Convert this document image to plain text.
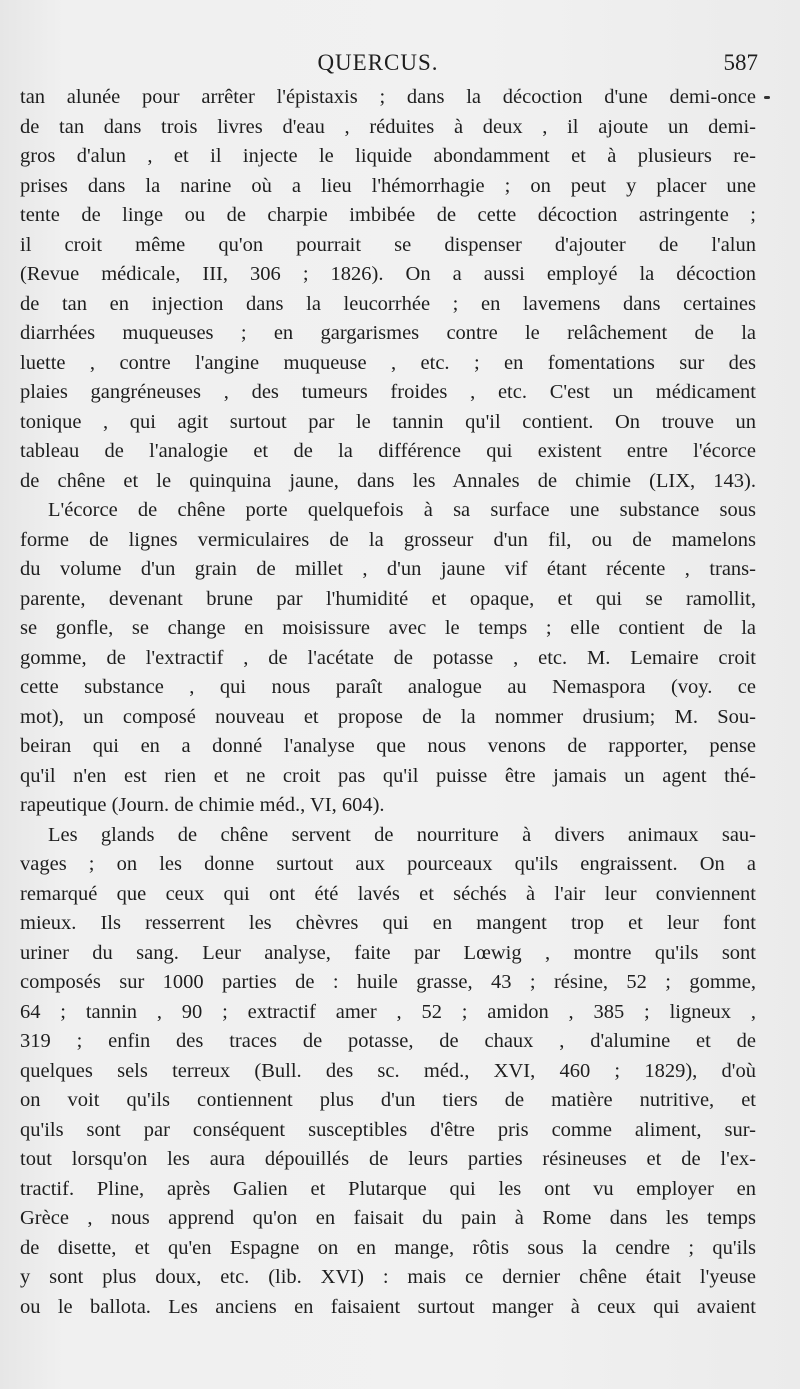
QUERCUS.	587
tan alunée pour arrêter l'épistaxis ; dans la décoction d'une demi-once
de tan dans trois livres d'eau , réduites à deux , il ajoute un demi-
gros d'alun , et il injecte le liquide abondamment et à plusieurs re-
prises dans la narine où a lieu l'hémorrhagie ; on peut y placer une
tente de linge ou de charpie imbibée de cette décoction astringente ;
il croit même qu'on pourrait se dispenser d'ajouter de l'alun
(Revue médicale, III, 306 ; 1826). On a aussi employé la décoction
de tan en injection dans la leucorrhée ; en lavemens dans certaines
diarrhées muqueuses ; en gargarismes contre le relâchement de la
luette , contre l'angine muqueuse , etc. ; en fomentations sur des
plaies gangréneuses , des tumeurs froides , etc. C'est un médicament
tonique , qui agit surtout par le tannin qu'il contient. On trouve un
tableau de l'analogie et de la différence qui existent entre l'écorce
de chêne et le quinquina jaune, dans les Annales de chimie (LIX, 143).
L'écorce de chêne porte quelquefois à sa surface une substance sous
forme de lignes vermiculaires de la grosseur d'un fil, ou de mamelons
du volume d'un grain de millet , d'un jaune vif étant récente , trans-
parente, devenant brune par l'humidité et opaque, et qui se ramollit,
se gonfle, se change en moisissure avec le temps ; elle contient de la
gomme, de l'extractif , de l'acétate de potasse , etc. M. Lemaire croit
cette substance , qui nous paraît analogue au Nemaspora (voy. ce
mot), un composé nouveau et propose de la nommer drusium; M. Sou-
beiran qui en a donné l'analyse que nous venons de rapporter, pense
qu'il n'en est rien et ne croit pas qu'il puisse être jamais un agent thé-
rapeutique (Journ. de chimie méd., VI, 604).
Les glands de chêne servent de nourriture à divers animaux sau-
vages ; on les donne surtout aux pourceaux qu'ils engraissent. On a
remarqué que ceux qui ont été lavés et séchés à l'air leur conviennent
mieux. Ils resserrent les chèvres qui en mangent trop et leur font
uriner du sang. Leur analyse, faite par Lœwig , montre qu'ils sont
composés sur 1000 parties de : huile grasse, 43 ; résine, 52 ; gomme,
64 ; tannin , 90 ; extractif amer , 52 ; amidon , 385 ; ligneux ,
319 ; enfin des traces de potasse, de chaux , d'alumine et de
quelques sels terreux (Bull. des sc. méd., XVI, 460 ; 1829), d'où
on voit qu'ils contiennent plus d'un tiers de matière nutritive, et
qu'ils sont par conséquent susceptibles d'être pris comme aliment, sur-
tout lorsqu'on les aura dépouillés de leurs parties résineuses et de l'ex-
tractif. Pline, après Galien et Plutarque qui les ont vu employer en
Grèce , nous apprend qu'on en faisait du pain à Rome dans les temps
de disette, et qu'en Espagne on en mange, rôtis sous la cendre ; qu'ils
y sont plus doux, etc. (lib. XVI) : mais ce dernier chêne était l'yeuse
ou le ballota. Les anciens en faisaient surtout manger à ceux qui avaient
